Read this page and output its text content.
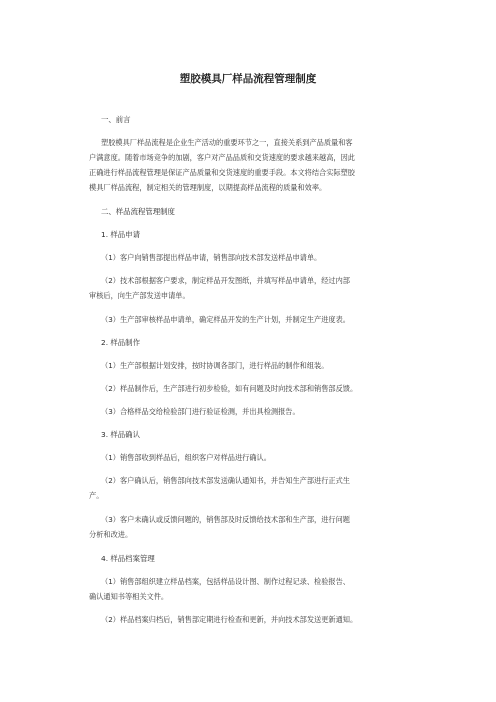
塑胶模具厂样品流程管理制度
一、前言
塑胶模具厂样品流程是企业生产活动的重要环节之一，直接关系到产品质量和客
户满意度。随着市场竞争的加剧，客户对产品品质和交货速度的要求越来越高，因此
正确进行样品流程管理是保证产品质量和交货速度的重要手段。本文将结合实际塑胶
模具厂样品流程，制定相关的管理制度，以期提高样品流程的质量和效率。
二、样品流程管理制度
1. 样品申请
（1）客户向销售部提出样品申请，销售部向技术部发送样品申请单。
（2）技术部根据客户要求，制定样品开发图纸，并填写样品申请单，经过内部
审核后，向生产部发送申请单。
（3）生产部审核样品申请单，确定样品开发的生产计划，并制定生产进度表。
2. 样品制作
（1）生产部根据计划安排，按时协调各部门，进行样品的制作和组装。
（2）样品制作后，生产部进行初步检验，如有问题及时向技术部和销售部反馈。
（3）合格样品交给检验部门进行验证检测，并出具检测报告。
3. 样品确认
（1）销售部收到样品后，组织客户对样品进行确认。
（2）客户确认后，销售部向技术部发送确认通知书，并告知生产部进行正式生
产。
（3）客户未确认或反馈问题的，销售部及时反馈给技术部和生产部，进行问题
分析和改进。
4. 样品档案管理
（1）销售部组织建立样品档案，包括样品设计图、制作过程记录、检验报告、
确认通知书等相关文件。
（2）样品档案归档后，销售部定期进行检查和更新，并向技术部发送更新通知。
